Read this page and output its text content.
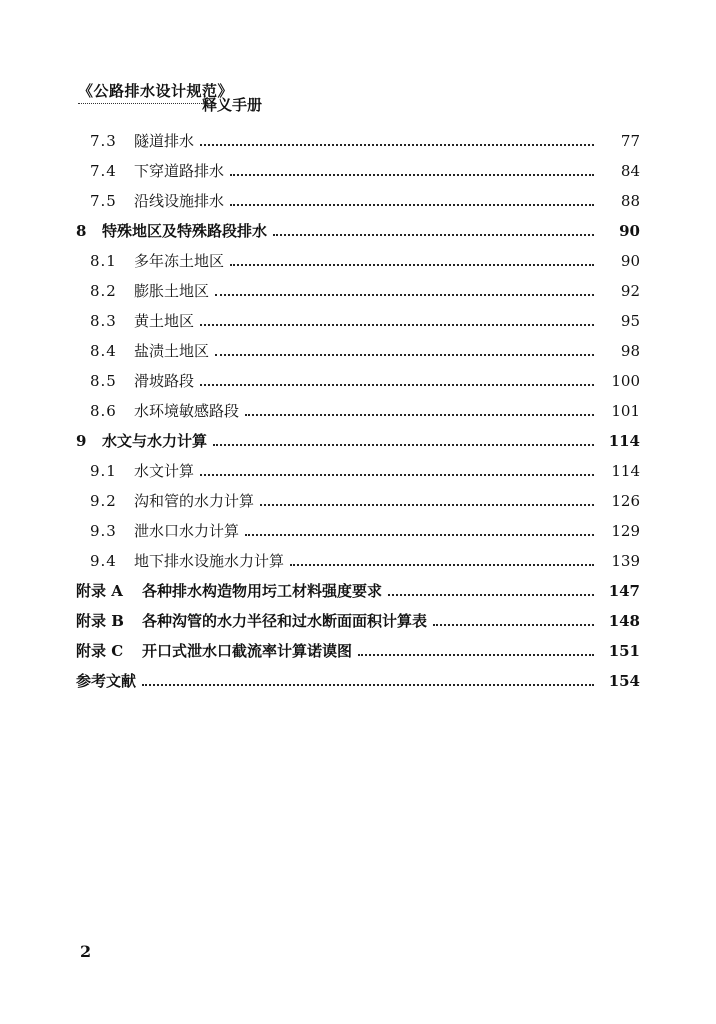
《公路排水设计规范》
释义手册
7.3	隧道排水	77
7.4	下穿道路排水	84
7.5	沿线设施排水	88
8	特殊地区及特殊路段排水	90
8.1	多年冻土地区	90
8.2	膨胀土地区	92
8.3	黄土地区	95
8.4	盐渍土地区	98
8.5	滑坡路段	100
8.6	水环境敏感路段	101
9	水文与水力计算	114
9.1	水文计算	114
9.2	沟和管的水力计算	126
9.3	泄水口水力计算	129
9.4	地下排水设施水力计算	139
附录 A	各种排水构造物用圬工材料强度要求	147
附录 B	各种沟管的水力半径和过水断面面积计算表	148
附录 C	开口式泄水口截流率计算诺谟图	151
参考文献	154
2
